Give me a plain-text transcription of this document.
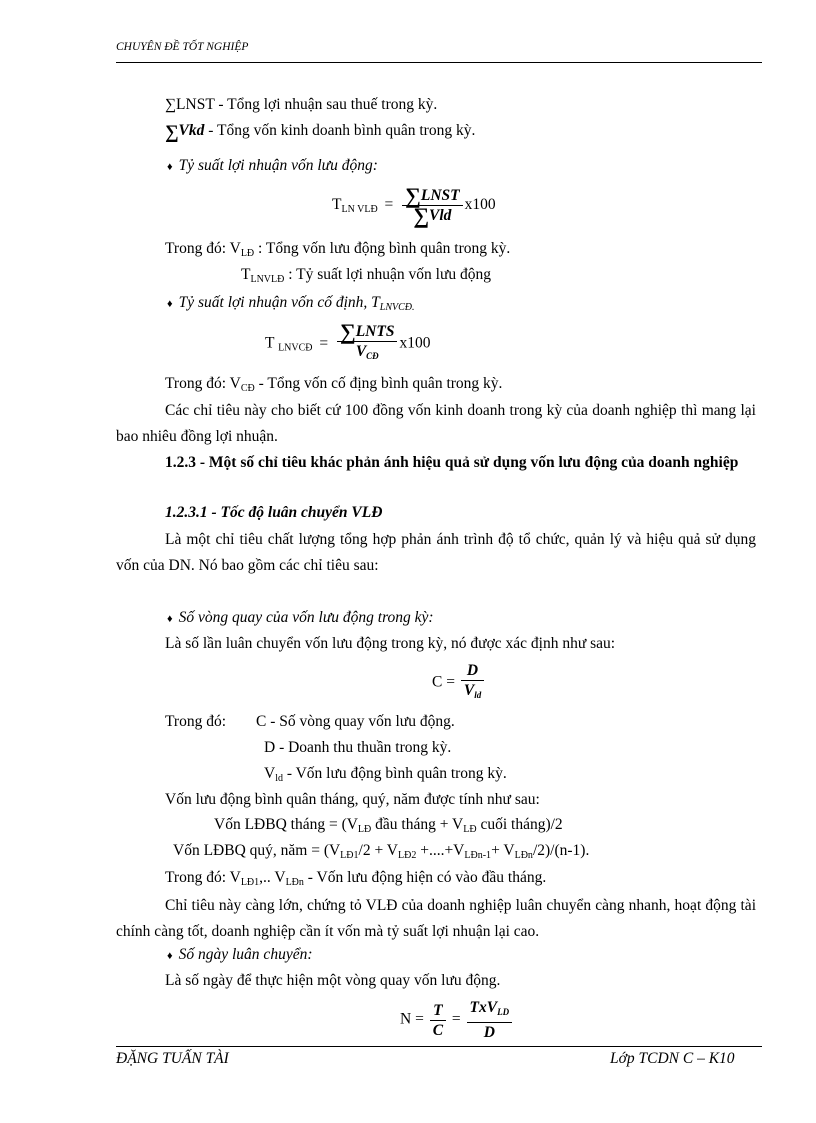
CHUYÊN ĐỀ TỐT NGHIỆP
∑LNST - Tổng lợi nhuận sau thuế trong kỳ.
∑Vkd - Tổng vốn kinh doanh bình quân trong kỳ.
♦ Tỷ suất lợi nhuận vốn lưu động:
$T_{LN VLĐ} = \frac{\text{∑LNST}}{\text{∑Vld}} x100$
Trong đó: $V_{LĐ}$ : Tổng vốn lưu động bình quân trong kỳ.
$T_{LNVLĐ}$ : Tỷ suất lợi nhuận vốn lưu động
♦ Tỷ suất lợi nhuận vốn cố định, $T_{LNVCĐ.}$
T $_{LNVCĐ} = \frac{\text{∑LNTS}}{\text{VCĐ}} x100$
Trong đó: $V_{CĐ}$ - Tổng vốn cố địng bình quân trong kỳ.
Các chỉ tiêu này cho biết cứ 100 đồng vốn kinh doanh trong kỳ của doanh nghiệp thì mang lại bao nhiêu đồng lợi nhuận.
1.2.3 - Một số chỉ tiêu khác phản ánh hiệu quả sử dụng vốn lưu động của doanh nghiệp
1.2.3.1 - Tốc độ luân chuyển VLĐ
Là một chỉ tiêu chất lượng tổng hợp phản ánh trình độ tổ chức, quản lý và hiệu quả sử dụng vốn của DN. Nó bao gồm các chỉ tiêu sau:
♦ Số vòng quay của vốn lưu động trong kỳ:
Là số lần luân chuyển vốn lưu động trong kỳ, nó được xác định như sau:
$C = \frac{D}{\text{Vld}}$
Trong đó: C - Số vòng quay vốn lưu động.
D - Doanh thu thuần trong kỳ.
$V_{ld}$ - Vốn lưu động bình quân trong kỳ.
Vốn lưu động bình quân tháng, quý, năm được tính như sau:
Vốn LĐBQ tháng = ($V_{LĐ}$ đầu tháng + $V_{LĐ}$ cuối tháng)/2
Vốn LĐBQ quý, năm = $(V_{LĐ1}/2 + V_{LĐ2} +....+V_{LĐn-1}+ V_{LĐn}/2)/(n-1)$.
Trong đó: $V_{LĐ1}$,.. $V_{LĐn}$ - Vốn lưu động hiện có vào đầu tháng.
Chỉ tiêu này càng lớn, chứng tỏ VLĐ của doanh nghiệp luân chuyển càng nhanh, hoạt động tài chính càng tốt, doanh nghiệp cần ít vốn mà tỷ suất lợi nhuận lại cao.
♦ Số ngày luân chuyển:
Là số ngày để thực hiện một vòng quay vốn lưu động.
$N = \frac{T}{C} = \frac{\text{TxVLD}}{D}$
ĐẶNG TUẤN TÀI	Lớp TCDN C – K10
